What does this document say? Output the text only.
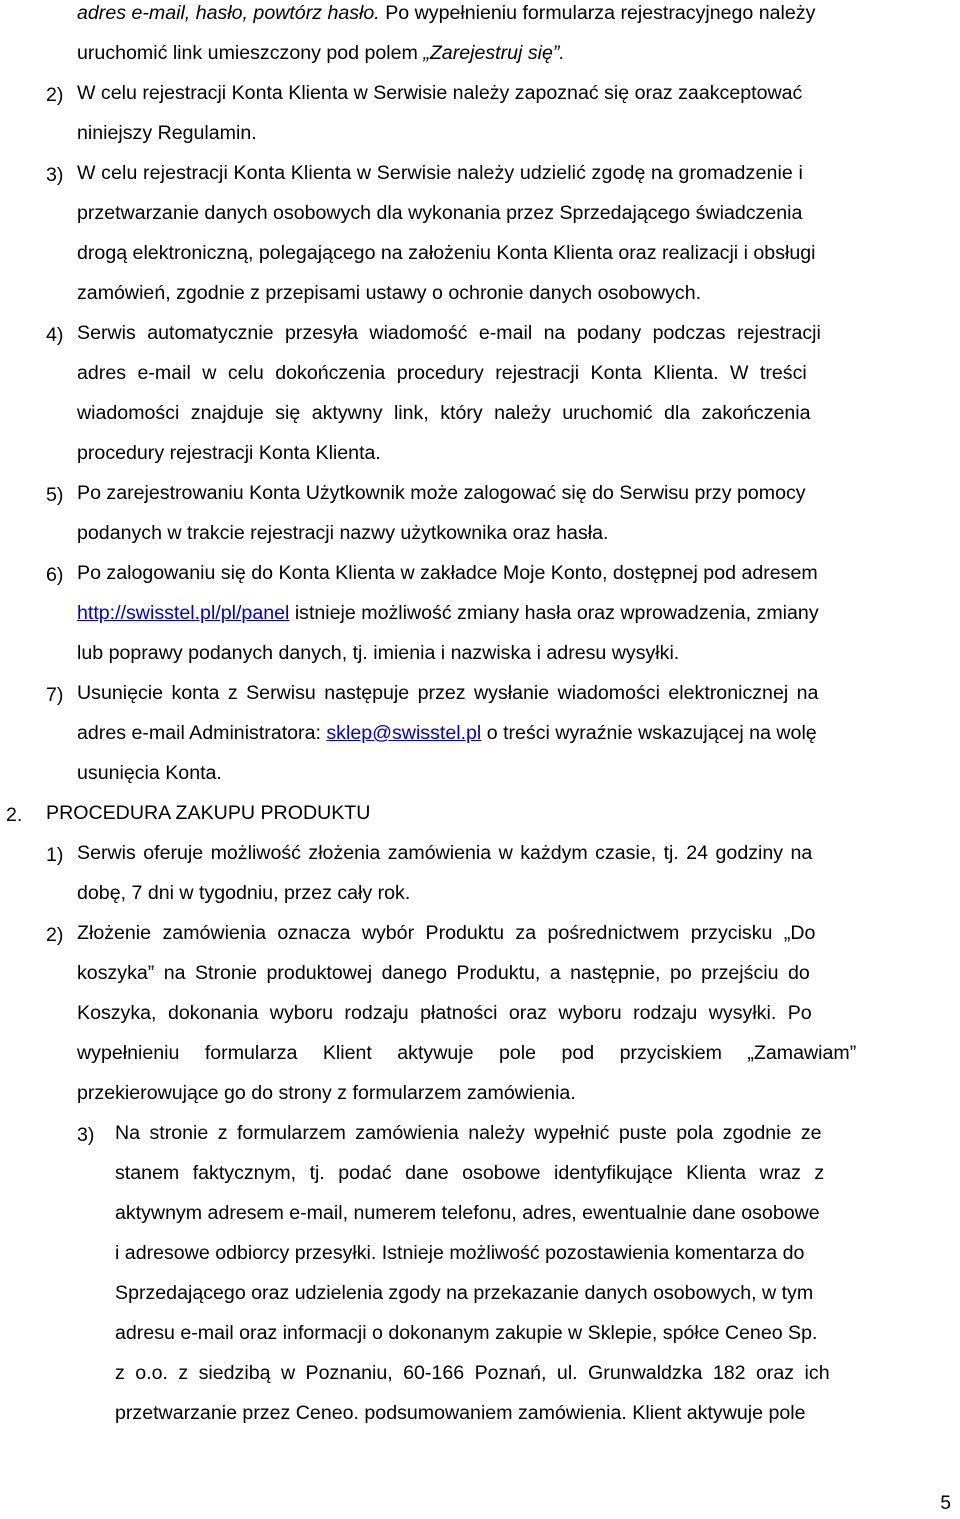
adres e-mail, hasło, powtórz hasło. Po wypełnieniu formularza rejestracyjnego należy
uruchomić link umieszczony pod polem „Zarejestruj się”.
2) W celu rejestracji Konta Klienta w Serwisie należy zapoznać się oraz zaakceptować
niniejszy Regulamin.
3) W celu rejestracji Konta Klienta w Serwisie należy udzielić zgodę na gromadzenie i
przetwarzanie danych osobowych dla wykonania przez Sprzedającego świadczenia
drogą elektroniczną, polegającego na założeniu Konta Klienta oraz realizacji i obsługi
zamówień, zgodnie z przepisami ustawy o ochronie danych osobowych.
4) Serwis automatycznie przesyła wiadomość e-mail na podany podczas rejestracji
adres e-mail w celu dokończenia procedury rejestracji Konta Klienta. W treści
wiadomości znajduje się aktywny link, który należy uruchomić dla zakończenia
procedury rejestracji Konta Klienta.
5) Po zarejestrowaniu Konta Użytkownik może zalogować się do Serwisu przy pomocy
podanych w trakcie rejestracji nazwy użytkownika oraz hasła.
6) Po zalogowaniu się do Konta Klienta w zakładce Moje Konto, dostępnej pod adresem
http://swisstel.pl/pl/panel istnieje możliwość zmiany hasła oraz wprowadzenia, zmiany
lub poprawy podanych danych, tj. imienia i nazwiska i adresu wysyłki.
7) Usunięcie konta z Serwisu następuje przez wysłanie wiadomości elektronicznej na
adres e-mail Administratora: sklep@swisstel.pl o treści wyraźnie wskazującej na wolę
usunięcia Konta.
2. PROCEDURA ZAKUPU PRODUKTU
1) Serwis oferuje możliwość złożenia zamówienia w każdym czasie, tj. 24 godziny na
dobę, 7 dni w tygodniu, przez cały rok.
2) Złożenie zamówienia oznacza wybór Produktu za pośrednictwem przycisku „Do
koszyka” na Stronie produktowej danego Produktu, a następnie, po przejściu do
Koszyka, dokonania wyboru rodzaju płatności oraz wyboru rodzaju wysyłki. Po
wypełnieniu formularza Klient aktywuje pole pod przyciskiem „Zamawiam”
przekierowujące go do strony z formularzem zamówienia.
3) Na stronie z formularzem zamówienia należy wypełnić puste pola zgodnie ze
stanem faktycznym, tj. podać dane osobowe identyfikujące Klienta wraz z
aktywnym adresem e-mail, numerem telefonu, adres, ewentualnie dane osobowe
i adresowe odbiorcy przesyłki. Istnieje możliwość pozostawienia komentarza do
Sprzedającego oraz udzielenia zgody na przekazanie danych osobowych, w tym
adresu e-mail oraz informacji o dokonanym zakupie w Sklepie, spółce Ceneo Sp.
z o.o. z siedzibą w Poznaniu, 60-166 Poznań, ul. Grunwaldzka 182 oraz ich
przetwarzanie przez Ceneo. podsumowaniem zamówienia. Klient aktywuje pole
5
